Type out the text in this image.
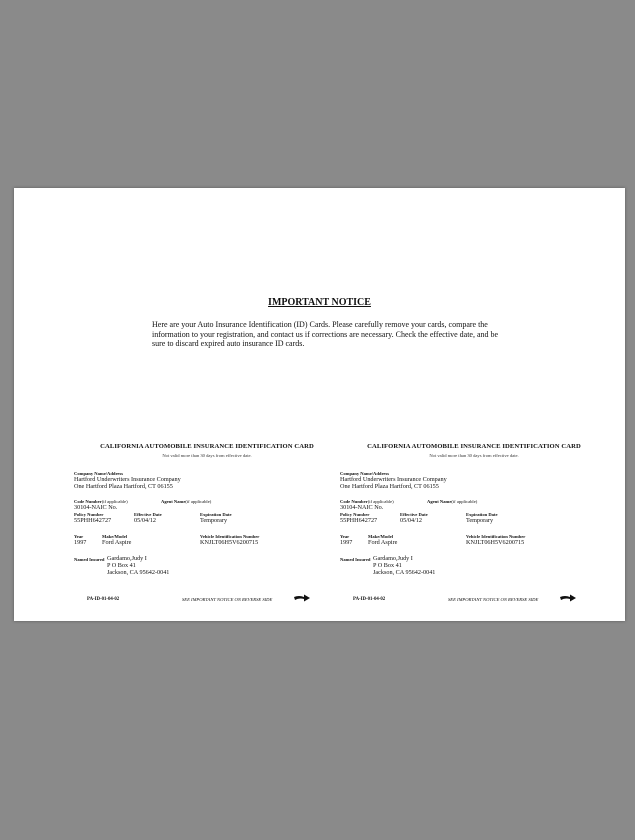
IMPORTANT NOTICE
Here are your Auto Insurance Identification (ID) Cards. Please carefully remove your cards, compare the information to your registration, and contact us if corrections are necessary. Check the effective date, and be sure to discard expired auto insurance ID cards.
CALIFORNIA AUTOMOBILE INSURANCE IDENTIFICATION CARD
Not valid more than 30 days from effective date.
Company Name/Address
Hartford Underwriters Insurance Company
One Hartford Plaza Hartford, CT 06155
Code Number(if applicable)	Agent Name(if applicable)
30104-NAIC No.
Policy Number	Effective Date	Expiration Date
55PHH642727	05/04/12	Temporary
Year	Make/Model	Vehicle Identification Number
1997	Ford Aspire	KNJLT06H5V6200715
Named Insured Gardamo,Judy I
P O Box 41
Jackson, CA 95642-0041
PA-ID-01-04-02	SEE IMPORTANT NOTICE ON REVERSE SIDE
CALIFORNIA AUTOMOBILE INSURANCE IDENTIFICATION CARD
Not valid more than 30 days from effective date.
Company Name/Address
Hartford Underwriters Insurance Company
One Hartford Plaza Hartford, CT 06155
Code Number(if applicable)	Agent Name(if applicable)
30104-NAIC No.
Policy Number	Effective Date	Expiration Date
55PHH642727	05/04/12	Temporary
Year	Make/Model	Vehicle Identification Number
1997	Ford Aspire	KNJLT06H5V6200715
Named Insured Gardamo,Judy I
P O Box 41
Jackson, CA 95642-0041
PA-ID-01-04-02	SEE IMPORTANT NOTICE ON REVERSE SIDE
